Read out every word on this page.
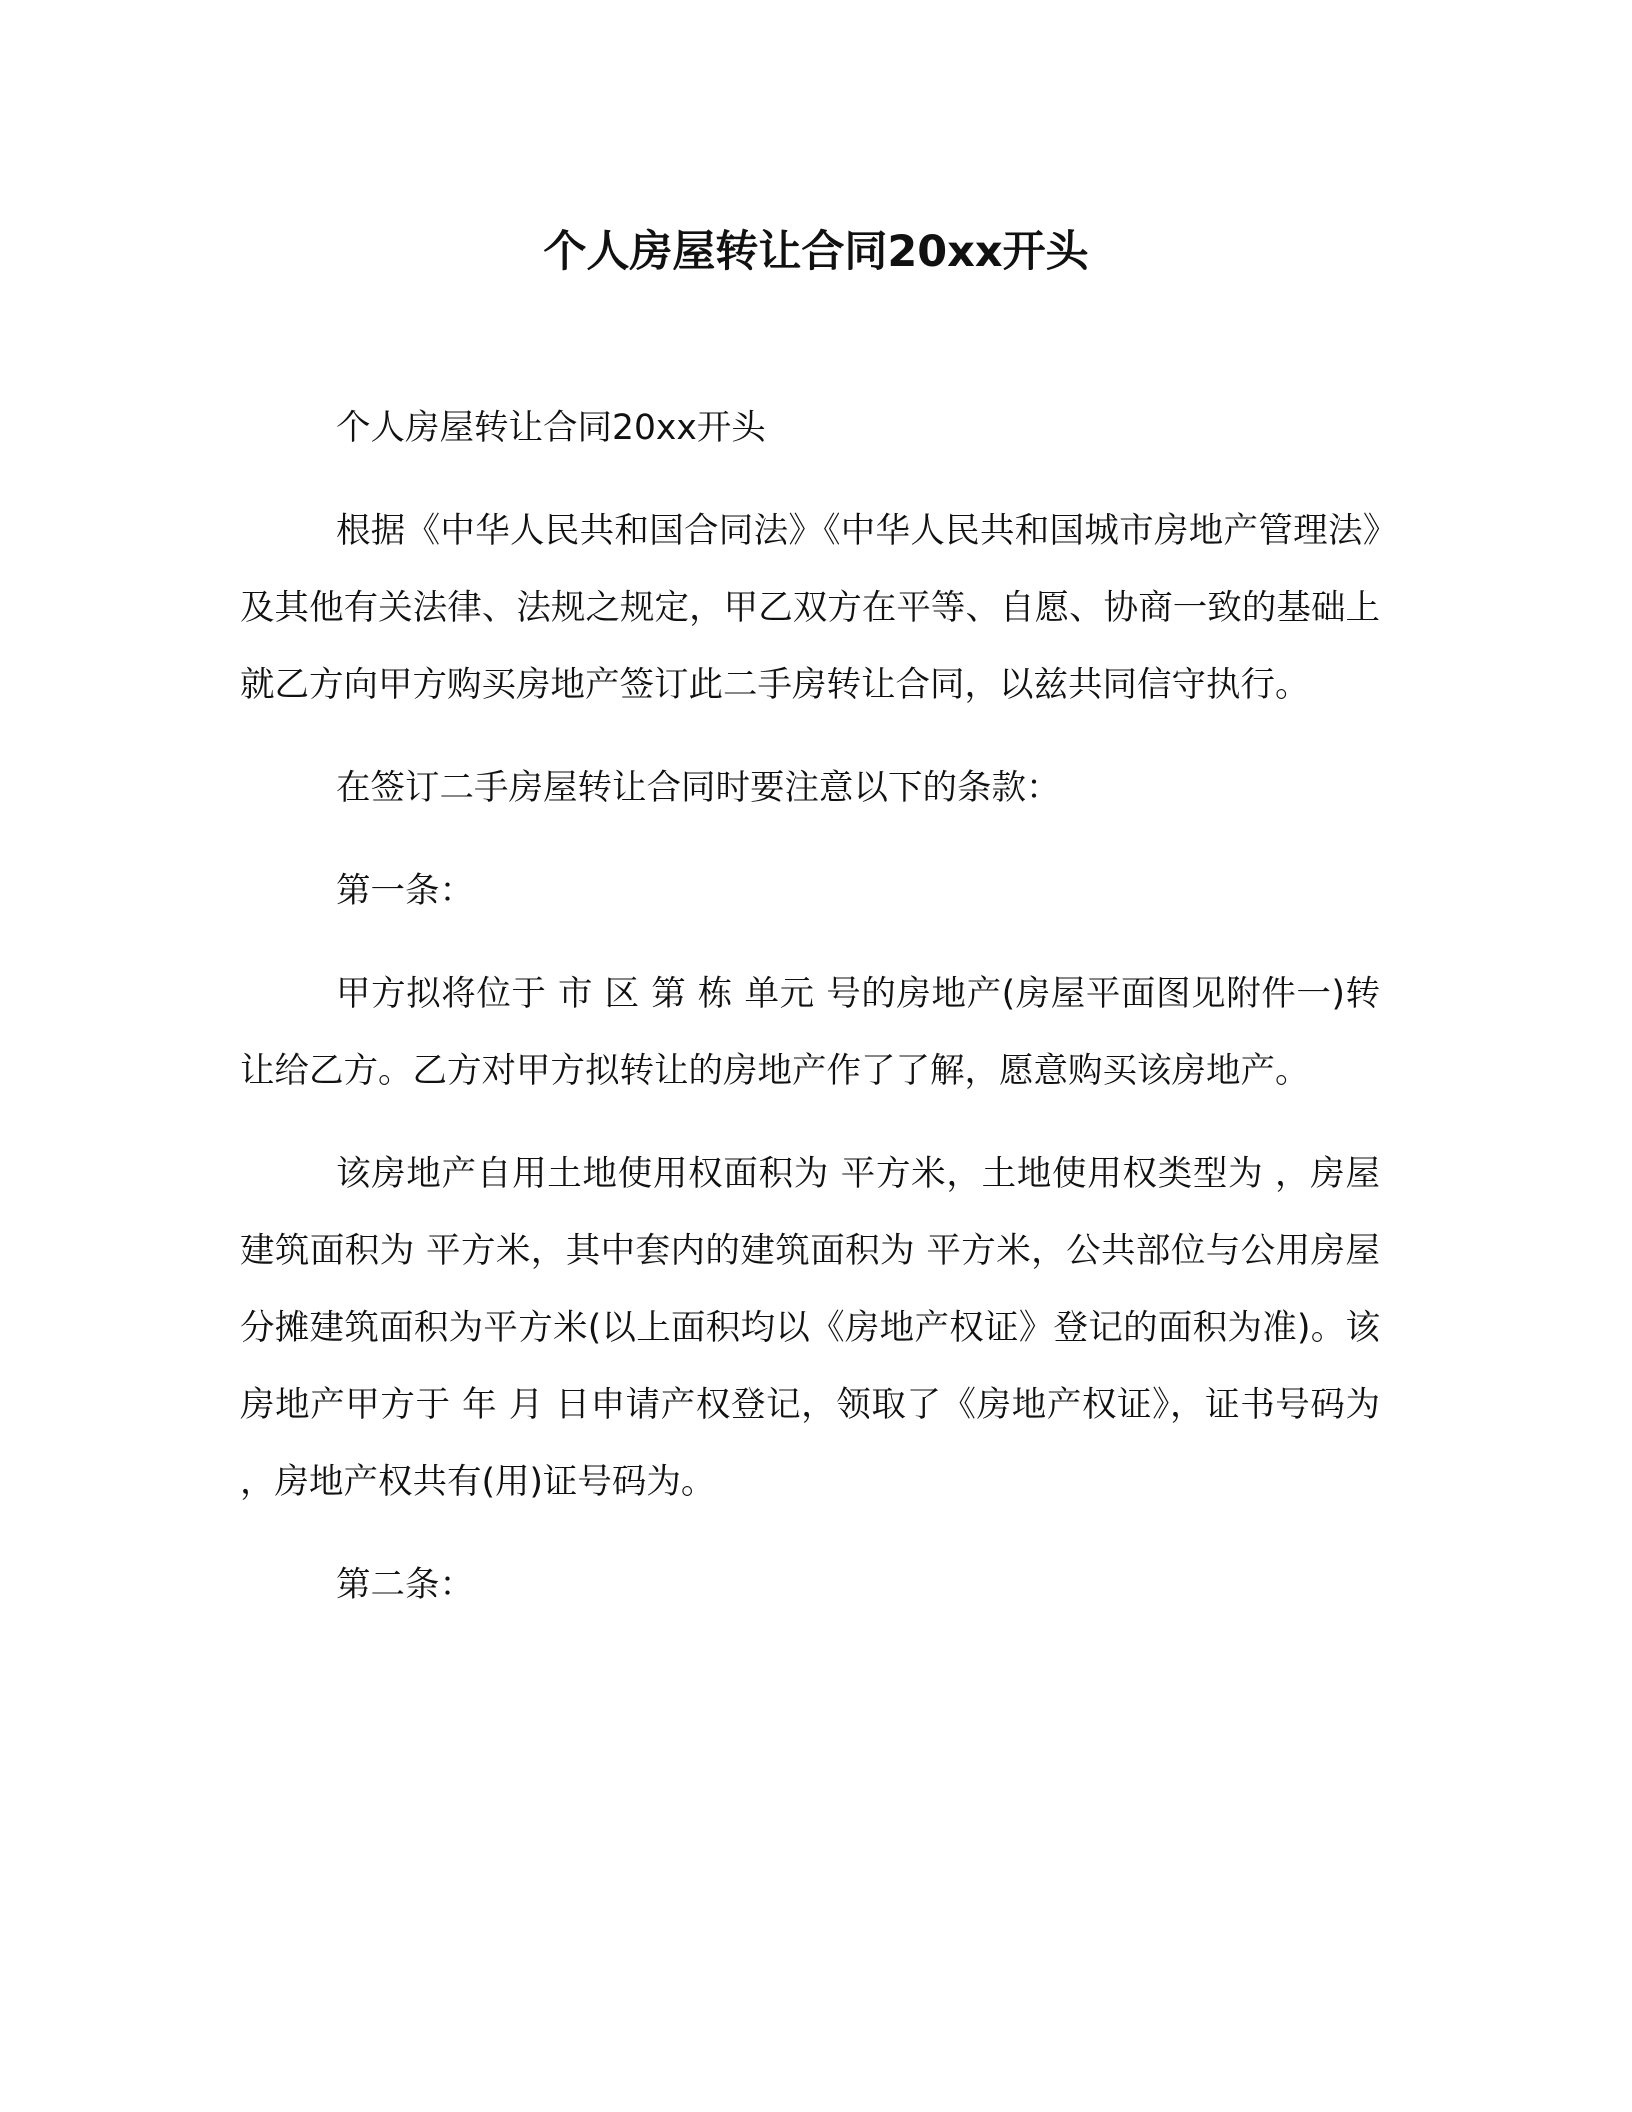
个人房屋转让合同20xx开头

个人房屋转让合同20xx开头

根据《中华人民共和国合同法》《中华人民共和国城市房地产管理法》及其他有关法律、法规之规定，甲乙双方在平等、自愿、协商一致的基础上就乙方向甲方购买房地产签订此二手房转让合同，以兹共同信守执行。

在签订二手房屋转让合同时要注意以下的条款：

第一条：

甲方拟将位于 市 区 第 栋 单元 号的房地产(房屋平面图见附件一)转让给乙方。乙方对甲方拟转让的房地产作了了解，愿意购买该房地产。

该房地产自用土地使用权面积为 平方米，土地使用权类型为 ，房屋建筑面积为 平方米，其中套内的建筑面积为 平方米，公共部位与公用房屋分摊建筑面积为平方米(以上面积均以《房地产权证》登记的面积为准)。该房地产甲方于 年 月 日申请产权登记，领取了《房地产权证》，证书号码为 ，房地产权共有(用)证号码为。

第二条：
